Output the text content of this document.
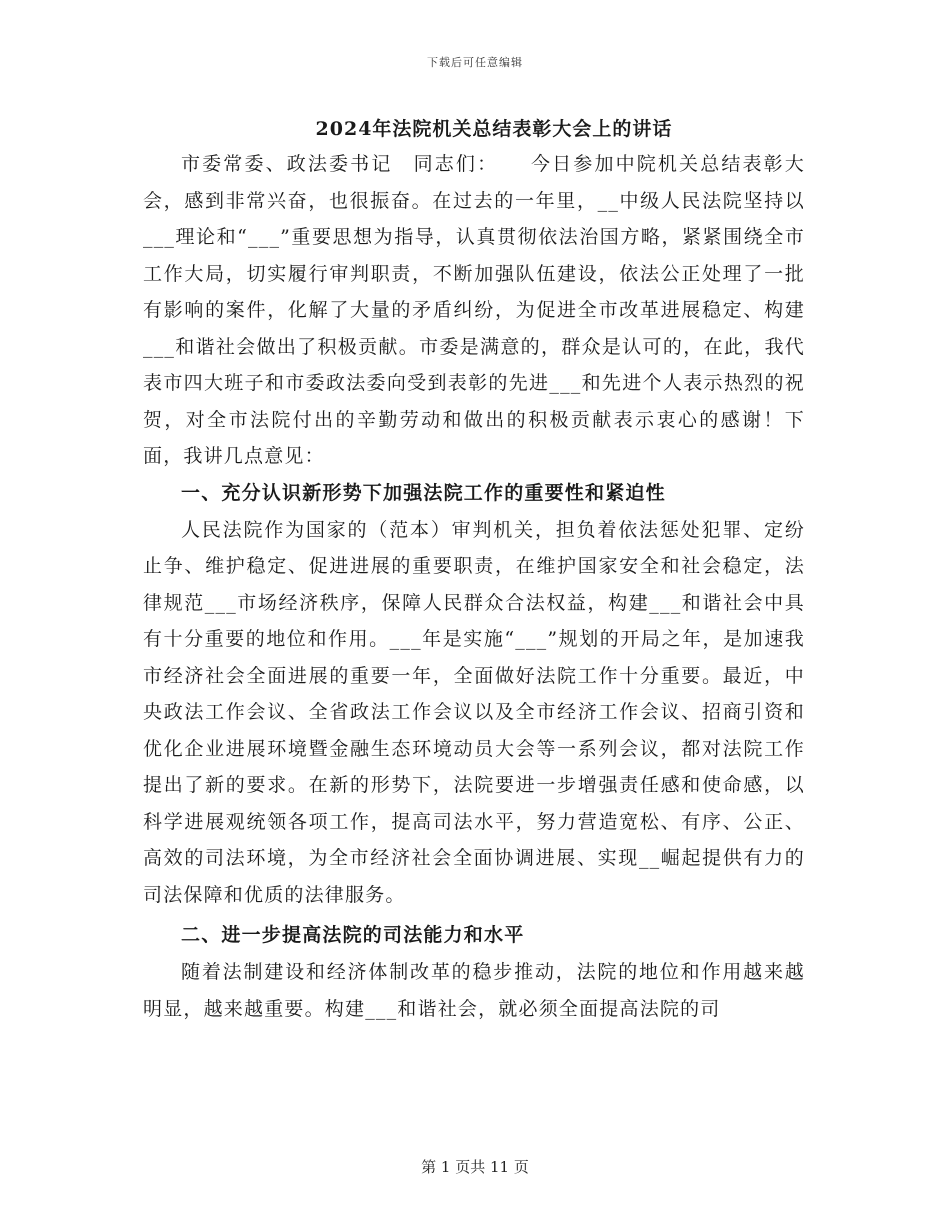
下载后可任意编辑
2024年法院机关总结表彰大会上的讲话

市委常委、政法委书记　同志们：　　今日参加中院机关总结表彰大会，感到非常兴奋，也很振奋。在过去的一年里，__中级人民法院坚持以___理论和“___”重要思想为指导，认真贯彻依法治国方略，紧紧围绕全市工作大局，切实履行审判职责，不断加强队伍建设，依法公正处理了一批有影响的案件，化解了大量的矛盾纠纷，为促进全市改革进展稳定、构建___和谐社会做出了积极贡献。市委是满意的，群众是认可的，在此，我代表市四大班子和市委政法委向受到表彰的先进___和先进个人表示热烈的祝贺，对全市法院付出的辛勤劳动和做出的积极贡献表示衷心的感谢！下面，我讲几点意见：

一、充分认识新形势下加强法院工作的重要性和紧迫性

人民法院作为国家的（范本）审判机关，担负着依法惩处犯罪、定纷止争、维护稳定、促进进展的重要职责，在维护国家安全和社会稳定，法律规范___市场经济秩序，保障人民群众合法权益，构建___和谐社会中具有十分重要的地位和作用。___年是实施“___”规划的开局之年，是加速我市经济社会全面进展的重要一年，全面做好法院工作十分重要。最近，中央政法工作会议、全省政法工作会议以及全市经济工作会议、招商引资和优化企业进展环境暨金融生态环境动员大会等一系列会议，都对法院工作提出了新的要求。在新的形势下，法院要进一步增强责任感和使命感，以科学进展观统领各项工作，提高司法水平，努力营造宽松、有序、公正、高效的司法环境，为全市经济社会全面协调进展、实现__崛起提供有力的司法保障和优质的法律服务。

二、进一步提高法院的司法能力和水平

随着法制建设和经济体制改革的稳步推动，法院的地位和作用越来越明显，越来越重要。构建___和谐社会，就必须全面提高法院的司

第 1 页共 11 页
